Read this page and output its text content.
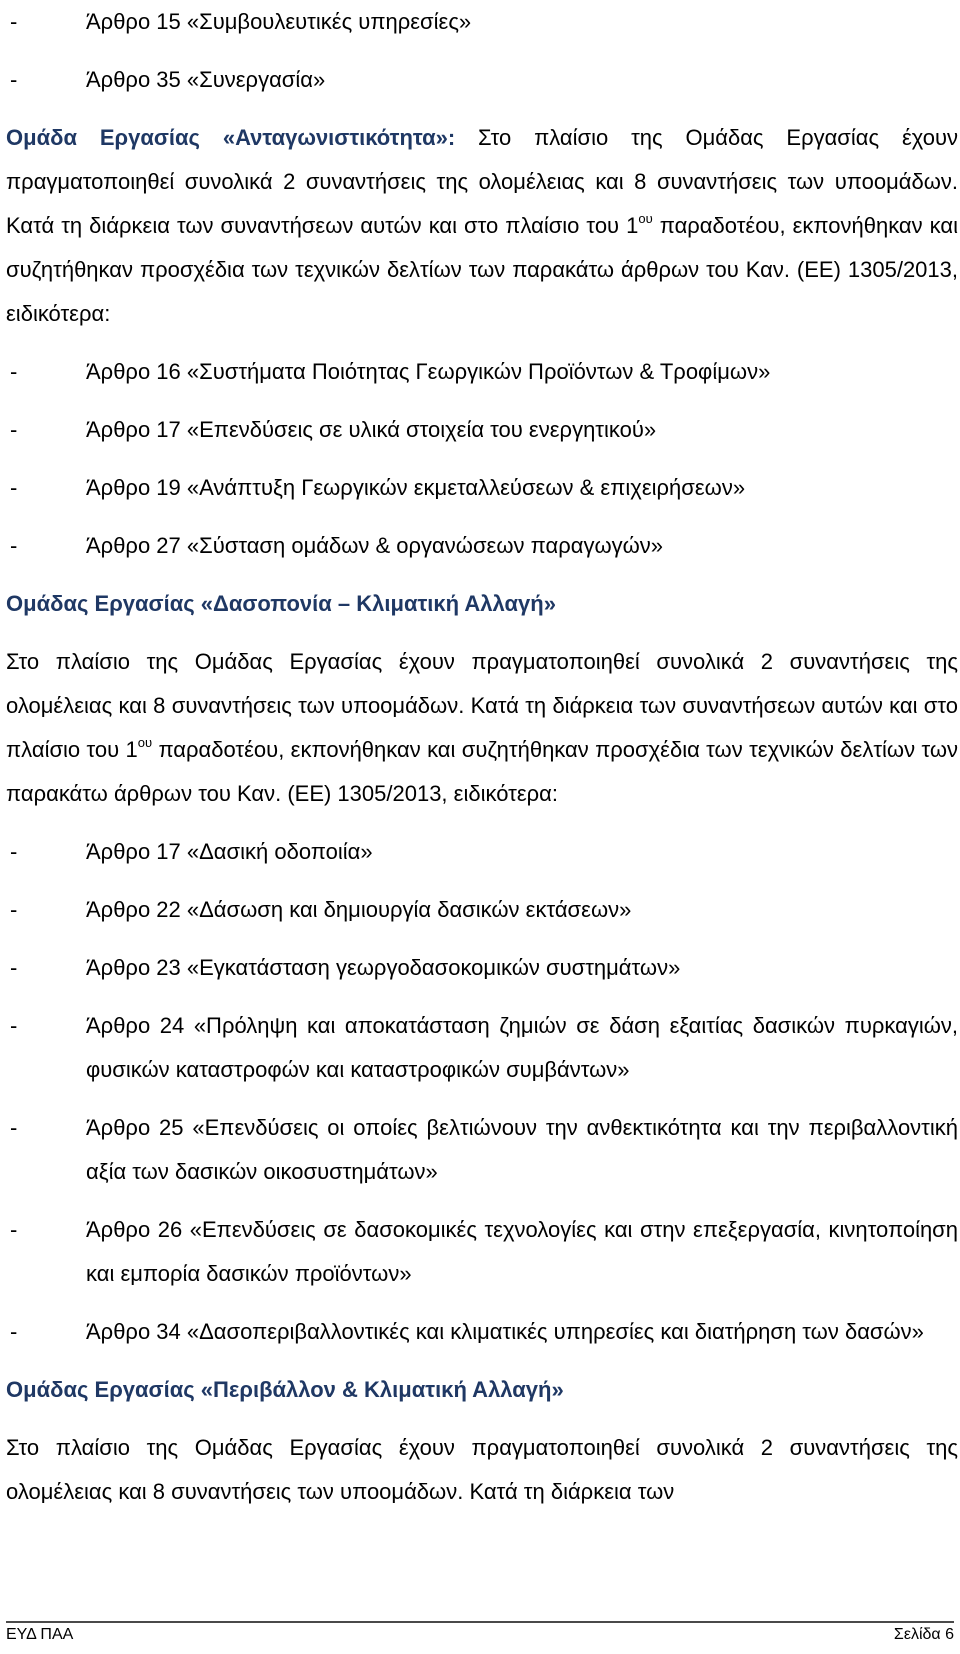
-	Άρθρο 15 «Συμβουλευτικές υπηρεσίες»
-	Άρθρο 35 «Συνεργασία»

Ομάδα Εργασίας «Ανταγωνιστικότητα»: Στο πλαίσιο της Ομάδας Εργασίας έχουν πραγματοποιηθεί συνολικά 2 συναντήσεις της ολομέλειας και 8 συναντήσεις των υποομάδων. Κατά τη διάρκεια των συναντήσεων αυτών και στο πλαίσιο του $1^{o\upsilon}$ παραδοτέου, εκπονήθηκαν και συζητήθηκαν προσχέδια των τεχνικών δελτίων των παρακάτω άρθρων του Καν. (ΕΕ) 1305/2013, ειδικότερα:

-	Άρθρο 16 «Συστήματα Ποιότητας Γεωργικών Προϊόντων & Τροφίμων»
-	Άρθρο 17 «Επενδύσεις σε υλικά στοιχεία του ενεργητικού»
-	Άρθρο 19 «Ανάπτυξη Γεωργικών εκμεταλλεύσεων & επιχειρήσεων»
-	Άρθρο 27 «Σύσταση ομάδων & οργανώσεων παραγωγών»
Ομάδας Εργασίας «Δασοπονία – Κλιματική Αλλαγή»

Στο πλαίσιο της Ομάδας Εργασίας έχουν πραγματοποιηθεί συνολικά 2 συναντήσεις της ολομέλειας και 8 συναντήσεις των υποομάδων. Κατά τη διάρκεια των συναντήσεων αυτών και στο πλαίσιο του $1^{o\upsilon}$ παραδοτέου, εκπονήθηκαν και συζητήθηκαν προσχέδια των τεχνικών δελτίων των παρακάτω άρθρων του Καν. (ΕΕ) 1305/2013, ειδικότερα:

-	Άρθρο 17 «Δασική οδοποιία»
-	Άρθρο 22 «Δάσωση και δημιουργία δασικών εκτάσεων»
-	Άρθρο 23 «Εγκατάσταση γεωργοδασοκομικών συστημάτων»
-	Άρθρο 24 «Πρόληψη και αποκατάσταση ζημιών σε δάση εξαιτίας δασικών πυρκαγιών, φυσικών καταστροφών και καταστροφικών συμβάντων»
-	Άρθρο 25 «Επενδύσεις οι οποίες βελτιώνουν την ανθεκτικότητα και την περιβαλλοντική αξία των δασικών οικοσυστημάτων»
-	Άρθρο 26 «Επενδύσεις σε δασοκομικές τεχνολογίες και στην επεξεργασία, κινητοποίηση και εμπορία δασικών προϊόντων»
-	Άρθρο 34 «Δασοπεριβαλλοντικές και κλιματικές υπηρεσίες και διατήρηση των δασών»
Ομάδας Εργασίας «Περιβάλλον & Κλιματική Αλλαγή»

Στο πλαίσιο της Ομάδας Εργασίας έχουν πραγματοποιηθεί συνολικά 2 συναντήσεις της ολομέλειας και 8 συναντήσεις των υποομάδων. Κατά τη διάρκεια των

ΕΥΔ ΠΑΑ	Σελίδα 6
